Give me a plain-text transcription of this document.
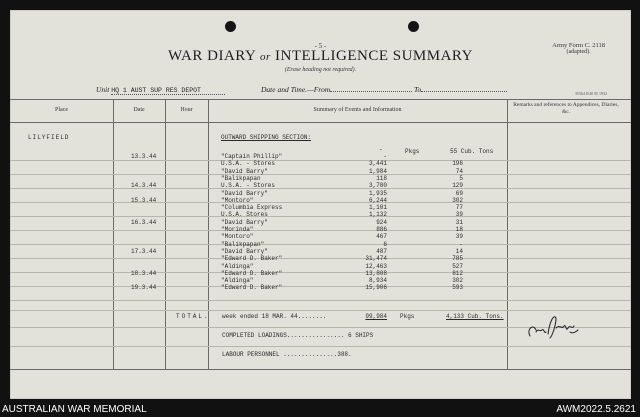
- 5 -
WAR DIARY or INTELLIGENCE SUMMARY
(Erase heading not required).
Army Form C. 2118
(adapted).
35564 8/40 95 1932
Unit HQ 1 AUST SUP RES DEPOT	Date and Time.—From	To
Place	Date	Hour	Summary of Events and Information
Remarks and references to Appendices, Diaries, &c.
LILYFIELD	OUTWARD SHIPPING SECTION:
-	Pkgs	55 Cub. Tons
13.3.44	"Captain Phillip"	-
U.S.A. - Stores	3,441	196
"David Barry"	1,984	74
"Balikpapan	118	5
14.3.44	U.S.A. - Stores	3,780	129
"David Barry"	1,935	69
15.3.44	"Montoro"	6,244	302
"Columbia Express	1,101	77
U.S.A. Stores	1,132	39
16.3.44	"David Barry"	924	31
"Morinda"	886	18
"Montoro"	467	39
"Balikpapan"	6	-
17.3.44	"David Barry"	487	14
"Edward D. Baker"	31,474	785
"Aldinga"	12,463	527
18.3.44	"Edward D. Baker"	13,808	812
"Aldinga"	8,934	302
19.3.44	"Edward D. Baker"	15,906	593
TOTAL. week ended 18 MAR. 44........	99,984 Pkgs	4,133 Cub. Tons.
COMPLETED LOADINGS................ 6 SHIPS
LABOUR PERSONNEL ...............388.
AUSTRALIAN WAR MEMORIAL	AWM2022.5.2621
